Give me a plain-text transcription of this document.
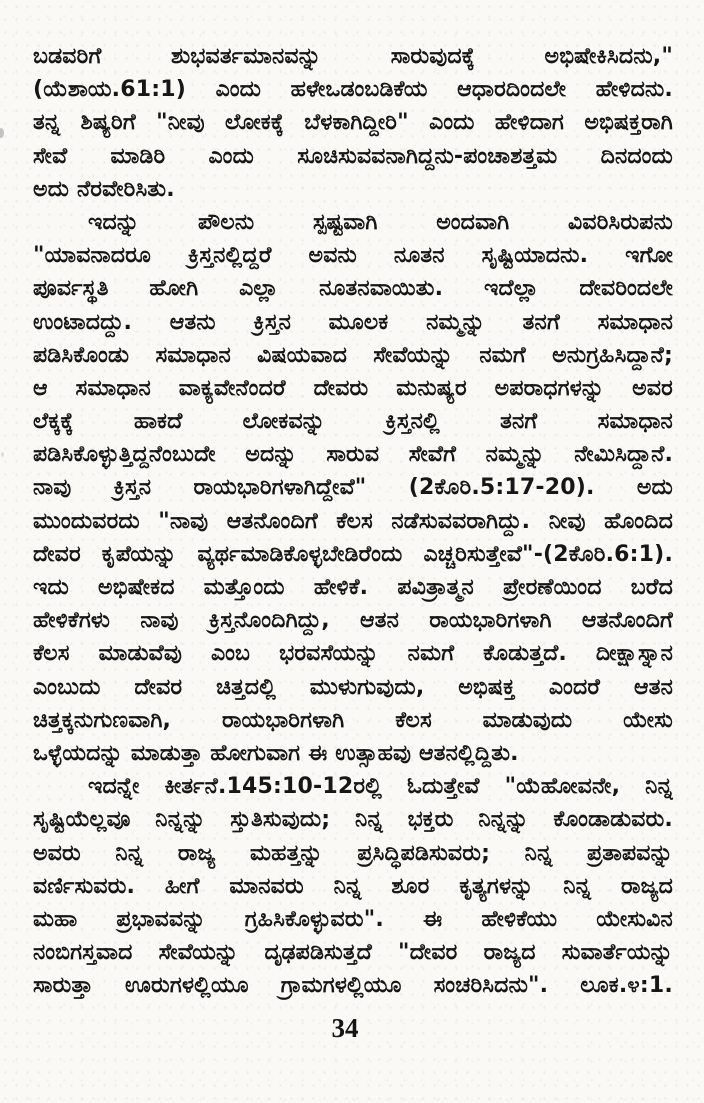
ಬಡವರಿಗೆ ಶುಭವರ್ತಮಾನವನ್ನು ಸಾರುವುದಕ್ಕೆ ಅಭಿಷೇಕಿಸಿದನು,"
(ಯೆಶಾಯ.61:1) ಎಂದು ಹಳೇಒಡಂಬಡಿಕೆಯ ಆಧಾರದಿಂದಲೇ ಹೇಳಿದನು.
ತನ್ನ ಶಿಷ್ಯರಿಗೆ "ನೀವು ಲೋಕಕ್ಕೆ ಬೆಳಕಾಗಿದ್ದೀರಿ" ಎಂದು ಹೇಳಿದಾಗ ಅಭಿಷಕ್ತರಾಗಿ
ಸೇವೆ ಮಾಡಿರಿ ಎಂದು ಸೂಚಿಸುವವನಾಗಿದ್ದನು-ಪಂಚಾಶತ್ತಮ ದಿನದಂದು
ಅದು ನೆರವೇರಿಸಿತು.
ಇದನ್ನು ಪೌಲನು ಸ್ಪಷ್ಟವಾಗಿ ಅಂದವಾಗಿ ವಿವರಿಸಿರುಪನು
"ಯಾವನಾದರೂ ಕ್ರಿಸ್ತನಲ್ಲಿದ್ದರೆ ಅವನು ನೂತನ ಸೃಷ್ಟಿಯಾದನು. ಇಗೋ
ಪೂರ್ವಸ್ಥತಿ ಹೋಗಿ ಎಲ್ಲಾ ನೂತನವಾಯಿತು. ಇದೆಲ್ಲಾ ದೇವರಿಂದಲೇ
ಉಂಟಾದದ್ದು. ಆತನು ಕ್ರಿಸ್ತನ ಮೂಲಕ ನಮ್ಮನ್ನು ತನಗೆ ಸಮಾಧಾನ
ಪಡಿಸಿಕೊಂಡು ಸಮಾಧಾನ ವಿಷಯವಾದ ಸೇವೆಯನ್ನು ನಮಗೆ ಅನುಗ್ರಹಿಸಿದ್ದಾನೆ;
ಆ ಸಮಾಧಾನ ವಾಕ್ಯವೇನೆಂದರೆ ದೇವರು ಮನುಷ್ಯರ ಅಪರಾಧಗಳನ್ನು ಅವರ
ಲೆಕ್ಕಕ್ಕೆ ಹಾಕದೆ ಲೋಕವನ್ನು ಕ್ರಿಸ್ತನಲ್ಲಿ ತನಗೆ ಸಮಾಧಾನ
ಪಡಿಸಿಕೊಳ್ಳುತ್ತಿದ್ದನೆಂಬುದೇ ಅದನ್ನು ಸಾರುವ ಸೇವೆಗೆ ನಮ್ಮನ್ನು ನೇಮಿಸಿದ್ದಾನೆ.
ನಾವು ಕ್ರಿಸ್ತನ ರಾಯಭಾರಿಗಳಾಗಿದ್ದೇವೆ" (2ಕೊರಿ.5:17-20). ಅದು
ಮುಂದುವರದು "ನಾವು ಆತನೊಂದಿಗೆ ಕೆಲಸ ನಡೆಸುವವರಾಗಿದ್ದು. ನೀವು ಹೊಂದಿದ
ದೇವರ ಕೃಪೆಯನ್ನು ವ್ಯರ್ಥಮಾಡಿಕೊಳ್ಳಬೇಡಿರೆಂದು ಎಚ್ಚರಿಸುತ್ತೇವೆ"-(2ಕೊರಿ.6:1).
ಇದು ಅಭಿಷೇಕದ ಮತ್ತೊಂದು ಹೇಳಿಕೆ. ಪವಿತ್ರಾತ್ಮನ ಪ್ರೇರಣೆಯಿಂದ ಬರೆದ
ಹೇಳಿಕೆಗಳು ನಾವು ಕ್ರಿಸ್ತನೊಂದಿಗಿದ್ದು, ಆತನ ರಾಯಭಾರಿಗಳಾಗಿ ಆತನೊಂದಿಗೆ
ಕೆಲಸ ಮಾಡುವೆವು ಎಂಬ ಭರವಸೆಯನ್ನು ನಮಗೆ ಕೊಡುತ್ತದೆ. ದೀಕ್ಷಾಸ್ನಾನ
ಎಂಬುದು ದೇವರ ಚಿತ್ತದಲ್ಲಿ ಮುಳುಗುವುದು, ಅಭಿಷಕ್ತ ಎಂದರೆ ಆತನ
ಚಿತ್ತಕ್ಕನುಗುಣವಾಗಿ, ರಾಯಭಾರಿಗಳಾಗಿ ಕೆಲಸ ಮಾಡುವುದು ಯೇಸು
ಒಳ್ಳೆಯದನ್ನು ಮಾಡುತ್ತಾ ಹೋಗುವಾಗ ಈ ಉತ್ಸಾಹವು ಆತನಲ್ಲಿದ್ದಿತು.
ಇದನ್ನೇ ಕೀರ್ತನೆ.145:10-12ರಲ್ಲಿ ಓದುತ್ತೇವೆ "ಯೆಹೋವನೇ, ನಿನ್ನ
ಸೃಷ್ಟಿಯೆಲ್ಲವೂ ನಿನ್ನನ್ನು ಸ್ತುತಿಸುವುದು; ನಿನ್ನ ಭಕ್ತರು ನಿನ್ನನ್ನು ಕೊಂಡಾಡುವರು.
ಅವರು ನಿನ್ನ ರಾಜ್ಯ ಮಹತ್ತನ್ನು ಪ್ರಸಿದ್ಧಿಪಡಿಸುವರು; ನಿನ್ನ ಪ್ರತಾಪವನ್ನು
ವರ್ಣಿಸುವರು. ಹೀಗೆ ಮಾನವರು ನಿನ್ನ ಶೂರ ಕೃತ್ಯಗಳನ್ನು ನಿನ್ನ ರಾಜ್ಯದ
ಮಹಾ ಪ್ರಭಾವವನ್ನು ಗ್ರಹಿಸಿಕೊಳ್ಳುವರು". ಈ ಹೇಳಿಕೆಯು ಯೇಸುವಿನ
ನಂಬಿಗಸ್ತವಾದ ಸೇವೆಯನ್ನು ದೃಢಪಡಿಸುತ್ತದೆ "ದೇವರ ರಾಜ್ಯದ ಸುವಾರ್ತೆಯನ್ನು
ಸಾರುತ್ತಾ ಊರುಗಳಲ್ಲಿಯೂ ಗ್ರಾಮಗಳಲ್ಲಿಯೂ ಸಂಚರಿಸಿದನು". ಲೂಕ.೪:1.
34
